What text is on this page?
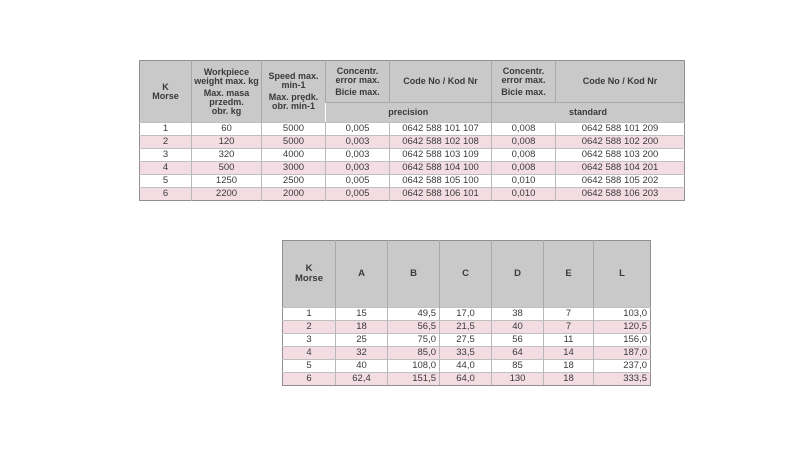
K
Morse	Workpiece
weight max. kg
Max. masa
przedm.
obr. kg	Speed max.
min-1
Max. prędk.
obr. min-1	Concentr.
error max.
Bicie max.	Code No / Kod Nr	Concentr.
error max.
Bicie max.	Code No / Kod Nr
			precision		standard	
1	60	5000	0,005	0642 588 101 107	0,008	0642 588 101 209
2	120	5000	0,003	0642 588 102 108	0,008	0642 588 102 200
3	320	4000	0,003	0642 588 103 109	0,008	0642 588 103 200
4	500	3000	0,003	0642 588 104 100	0,008	0642 588 104 201
5	1250	2500	0,005	0642 588 105 100	0,010	0642 588 105 202
6	2200	2000	0,005	0642 588 106 101	0,010	0642 588 106 203
K
Morse	A	B	C	D	E	L
1	15	49,5	17,0	38	7	103,0
2	18	56,5	21,5	40	7	120,5
3	25	75,0	27,5	56	11	156,0
4	32	85,0	33,5	64	14	187,0
5	40	108,0	44,0	85	18	237,0
6	62,4	151,5	64,0	130	18	333,5
